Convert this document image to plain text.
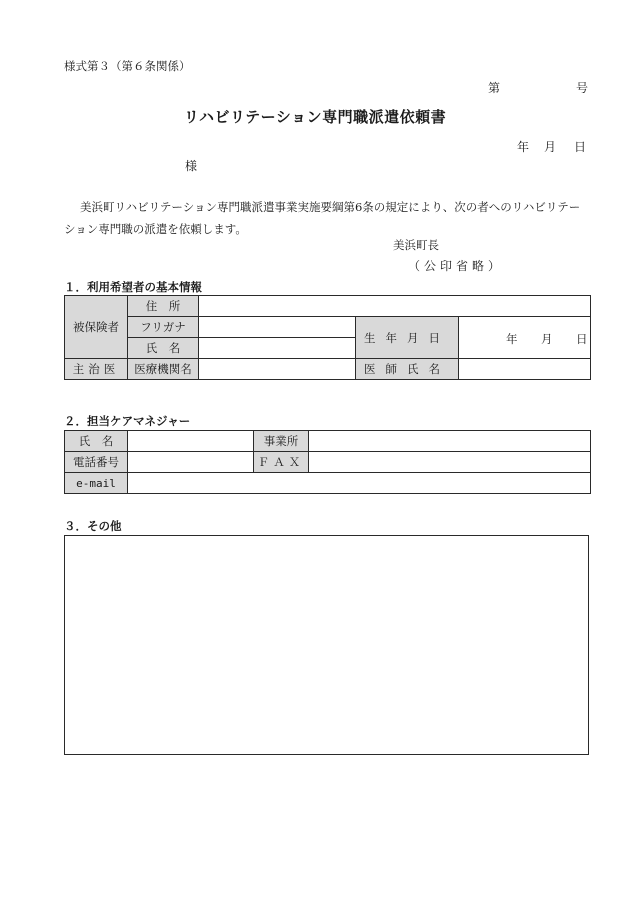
様式第３（第６条関係）
第	号
リハビリテーション専門職派遣依頼書
年 月 日
様
美浜町リハビリテーション専門職派遣事業実施要綱第6条の規定により、次の者へのリハビリテーション専門職の派遣を依頼します。
美浜町長
（公印省略）
１．利用希望者の基本情報
被保険者	住　所			
	フリガナ		生年月日	年 月 日

	氏　名			
主治医	医療機関名		医師氏名	
２．担当ケアマネジャー
氏　名		事業所	
電話番号		ＦＡＸ	
e-mail			
３．その他
